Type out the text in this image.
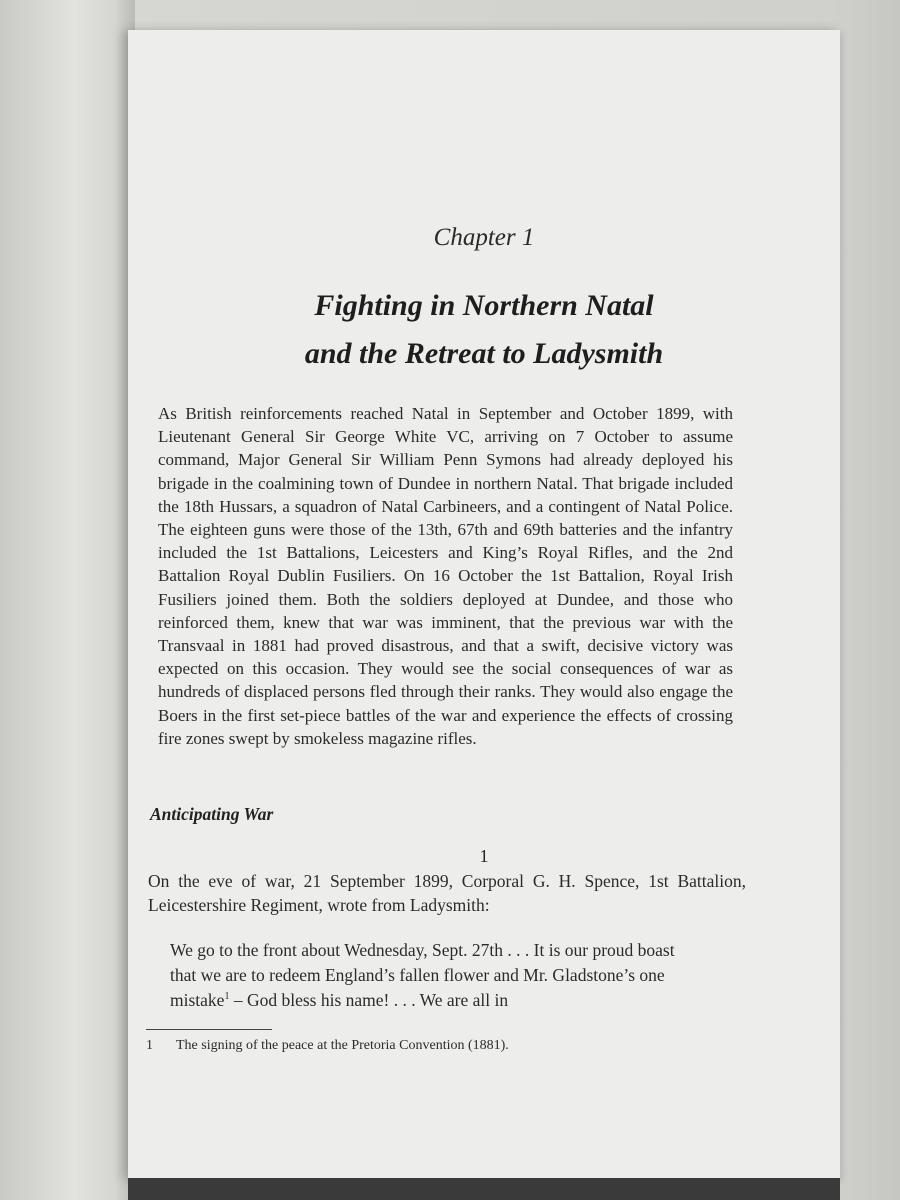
Chapter 1
Fighting in Northern Natal
and the Retreat to Ladysmith

As British reinforcements reached Natal in September and October 1899, with Lieutenant General Sir George White VC, arriving on 7 October to assume command, Major General Sir William Penn Symons had already deployed his brigade in the coalmining town of Dundee in northern Natal. That brigade included the 18th Hussars, a squadron of Natal Carbineers, and a contingent of Natal Police. The eighteen guns were those of the 13th, 67th and 69th batteries and the infantry included the 1st Battalions, Leicesters and King’s Royal Rifles, and the 2nd Battalion Royal Dublin Fusiliers. On 16 October the 1st Battalion, Royal Irish Fusiliers joined them. Both the soldiers deployed at Dundee, and those who reinforced them, knew that war was imminent, that the previous war with the Transvaal in 1881 had proved disastrous, and that a swift, decisive victory was expected on this occasion. They would see the social consequences of war as hundreds of displaced persons fled through their ranks. They would also engage the Boers in the first set-piece battles of the war and experience the effects of crossing fire zones swept by smokeless magazine rifles.

Anticipating War
1

On the eve of war, 21 September 1899, Corporal G. H. Spence, 1st Battalion, Leicestershire Regiment, wrote from Ladysmith:

We go to the front about Wednesday, Sept. 27th . . . It is our proud boast that we are to redeem England’s fallen flower and Mr. Gladstone’s one mistake$^1$ – God bless his name! . . . We are all in

1 The signing of the peace at the Pretoria Convention (1881).
